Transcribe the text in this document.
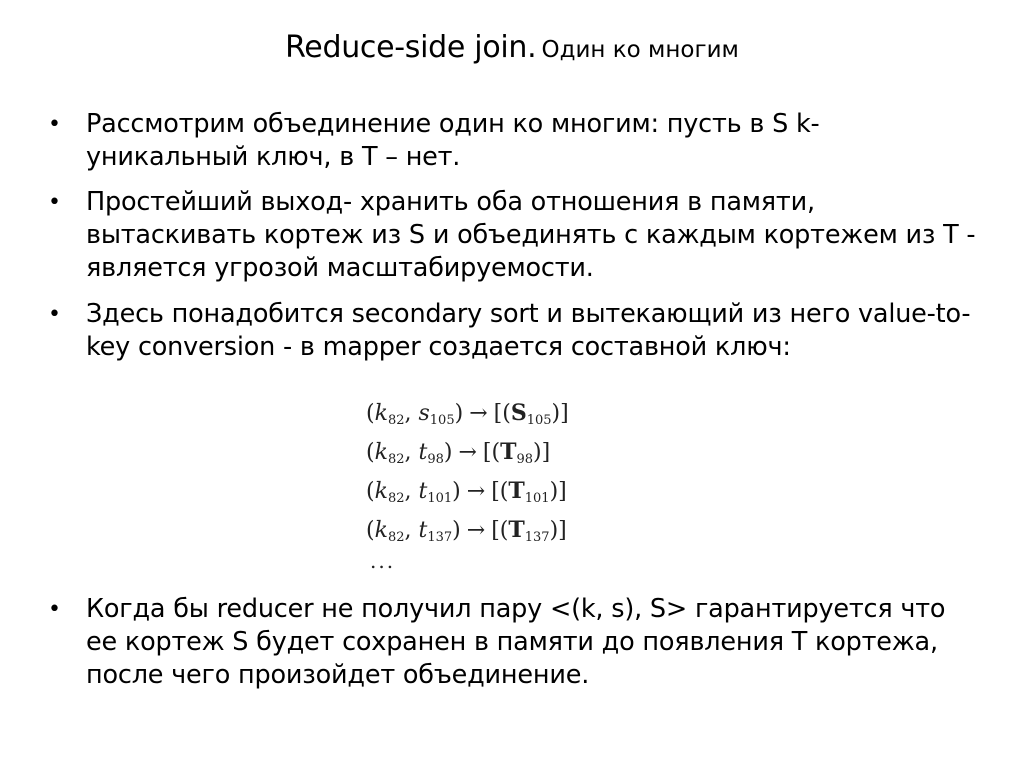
Reduce-side join. Один ко многим
• Рассмотрим объединение один ко многим: пусть в S k-уникальный ключ, в T – нет.
• Простейший выход- хранить оба отношения в памяти, вытаскивать кортеж из S и объединять с каждым кортежем из T - является угрозой масштабируемости.
• Здесь понадобится secondary sort и вытекающий из него value-to-key conversion - в mapper создается составной ключ:
($k_{82}$, $s_{105}) \to [(S_{105})]$
($k_{82}$, $t_{98}) \to [(T_{98})]$
($k_{82}$, $t_{101}) \to [(T_{101})]$
($k_{82}$, $t_{137}) \to [(T_{137})]$
...
• Когда бы reducer не получил пару <(k, s), S> гарантируется что ее кортеж S будет сохранен в памяти до появления T кортежа, после чего произойдет объединение.
